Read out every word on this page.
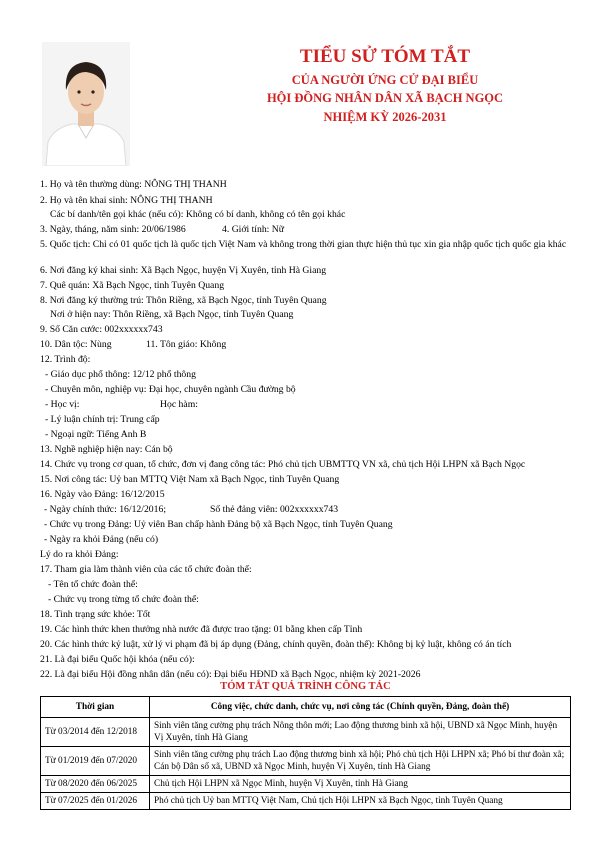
TIỂU SỬ TÓM TẮT
CỦA NGƯỜI ỨNG CỬ ĐẠI BIỂU
HỘI ĐỒNG NHÂN DÂN XÃ BẠCH NGỌC
NHIỆM KỲ 2026-2031
1. Họ và tên thường dùng: NÔNG THỊ THANH
2. Họ và tên khai sinh: NÔNG THỊ THANH
Các bí danh/tên gọi khác (nếu có): Không có bí danh, không có tên gọi khác
3. Ngày, tháng, năm sinh: 20/06/1986	4. Giới tính: Nữ
5. Quốc tịch: Chỉ có 01 quốc tịch là quốc tịch Việt Nam và không trong thời gian thực hiện thủ tục xin gia nhập quốc tịch quốc gia khác
6. Nơi đăng ký khai sinh: Xã Bạch Ngọc, huyện Vị Xuyên, tỉnh Hà Giang
7. Quê quán: Xã Bạch Ngọc, tỉnh Tuyên Quang
8. Nơi đăng ký thường trú: Thôn Riềng, xã Bạch Ngọc, tỉnh Tuyên Quang
Nơi ở hiện nay: Thôn Riềng, xã Bạch Ngọc, tỉnh Tuyên Quang
9. Số Căn cước: 002xxxxxx743
10. Dân tộc: Nùng	11. Tôn giáo: Không
12. Trình độ:
- Giáo dục phổ thông: 12/12 phổ thông
- Chuyên môn, nghiệp vụ: Đại học, chuyên ngành Cầu đường bộ
- Học vị:	Học hàm:
- Lý luận chính trị: Trung cấp
- Ngoại ngữ: Tiếng Anh B
13. Nghề nghiệp hiện nay: Cán bộ
14. Chức vụ trong cơ quan, tổ chức, đơn vị đang công tác: Phó chủ tịch UBMTTQ VN xã, chủ tịch Hội LHPN xã Bạch Ngọc
15. Nơi công tác: Uỷ ban MTTQ Việt Nam xã Bạch Ngọc, tỉnh Tuyên Quang
16. Ngày vào Đảng: 16/12/2015
- Ngày chính thức: 16/12/2016;	Số thẻ đảng viên: 002xxxxxx743
- Chức vụ trong Đảng: Uỷ viên Ban chấp hành Đảng bộ xã Bạch Ngọc, tỉnh Tuyên Quang
- Ngày ra khỏi Đảng (nếu có)
Lý do ra khỏi Đảng:
17. Tham gia làm thành viên của các tổ chức đoàn thể:
- Tên tổ chức đoàn thể:
- Chức vụ trong từng tổ chức đoàn thể:
18. Tình trạng sức khỏe: Tốt
19. Các hình thức khen thưởng nhà nước đã được trao tặng: 01 bằng khen cấp Tỉnh
20. Các hình thức kỷ luật, xử lý vi phạm đã bị áp dụng (Đảng, chính quyền, đoàn thể): Không bị kỷ luật, không có án tích
21. Là đại biểu Quốc hội khóa (nếu có):
22. Là đại biểu Hội đồng nhân dân (nếu có): Đại biểu HĐND xã Bạch Ngọc, nhiệm kỳ 2021-2026
TÓM TẮT QUÁ TRÌNH CÔNG TÁC
Thời gian	Công việc, chức danh, chức vụ, nơi công tác (Chính quyền, Đảng, đoàn thể)
Từ 03/2014 đến 12/2018	Sinh viên tăng cường phụ trách Nông thôn mới; Lao động thương binh xã hội, UBND xã Ngọc Minh, huyện Vị Xuyên, tỉnh Hà Giang
Từ 01/2019 đến 07/2020	Sinh viên tăng cường phụ trách Lao động thương binh xã hội; Phó chủ tịch Hội LHPN xã; Phó bí thư đoàn xã; Cán bộ Dân số xã, UBND xã Ngọc Minh, huyện Vị Xuyên, tỉnh Hà Giang
Từ 08/2020 đến 06/2025	Chủ tịch Hội LHPN xã Ngọc Minh, huyện Vị Xuyên, tỉnh Hà Giang
Từ 07/2025 đến 01/2026	Phó chủ tịch Uỷ ban MTTQ Việt Nam, Chủ tịch Hội LHPN xã Bạch Ngọc, tỉnh Tuyên Quang
